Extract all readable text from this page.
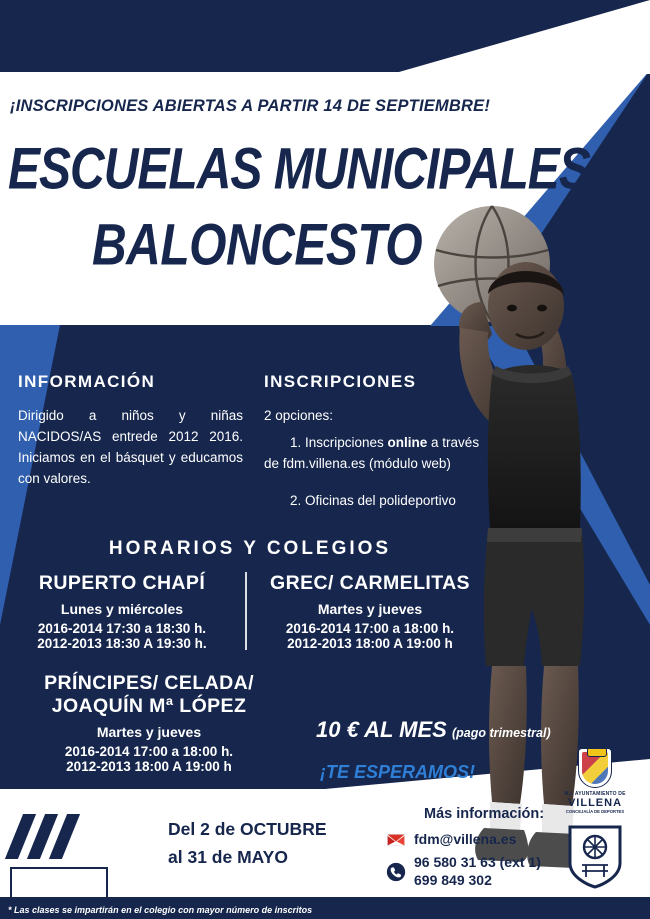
¡INSCRIPCIONES ABIERTAS A PARTIR 14 DE SEPTIEMBRE!
ESCUELAS MUNICIPALES
BALONCESTO
INFORMACIÓN
Dirigido a niños y niñas NACIDOS/AS entrede 2012 2016. Iniciamos en el básquet y educamos con valores.
INSCRIPCIONES
2 opciones:
1. Inscripciones online a través de fdm.villena.es (módulo web)
2. Oficinas del polideportivo
HORARIOS Y COLEGIOS
RUPERTO CHAPÍ
Lunes y miércoles
2016-2014 17:30 a 18:30 h.
2012-2013 18:30 A 19:30 h.
GREC/ CARMELITAS
Martes y jueves
2016-2014 17:00 a 18:00 h.
2012-2013 18:00 A 19:00 h
PRÍNCIPES/ CELADA/ JOAQUÍN Mª LÓPEZ
Martes y jueves
2016-2014 17:00 a 18:00 h.
2012-2013 18:00 A 19:00 h
10 € AL MES (pago trimestral)
¡TE ESPERAMOS!
Más información:
fdm@villena.es
96 580 31 63 (ext 1)
699 849 302
Del 2 de OCTUBRE
al 31 de MAYO
M.I. AYUNTAMIENTO DE
VILLENA
CONCEJALÍA DE DEPORTES
* Las clases se impartirán en el colegio con mayor número de inscritos
